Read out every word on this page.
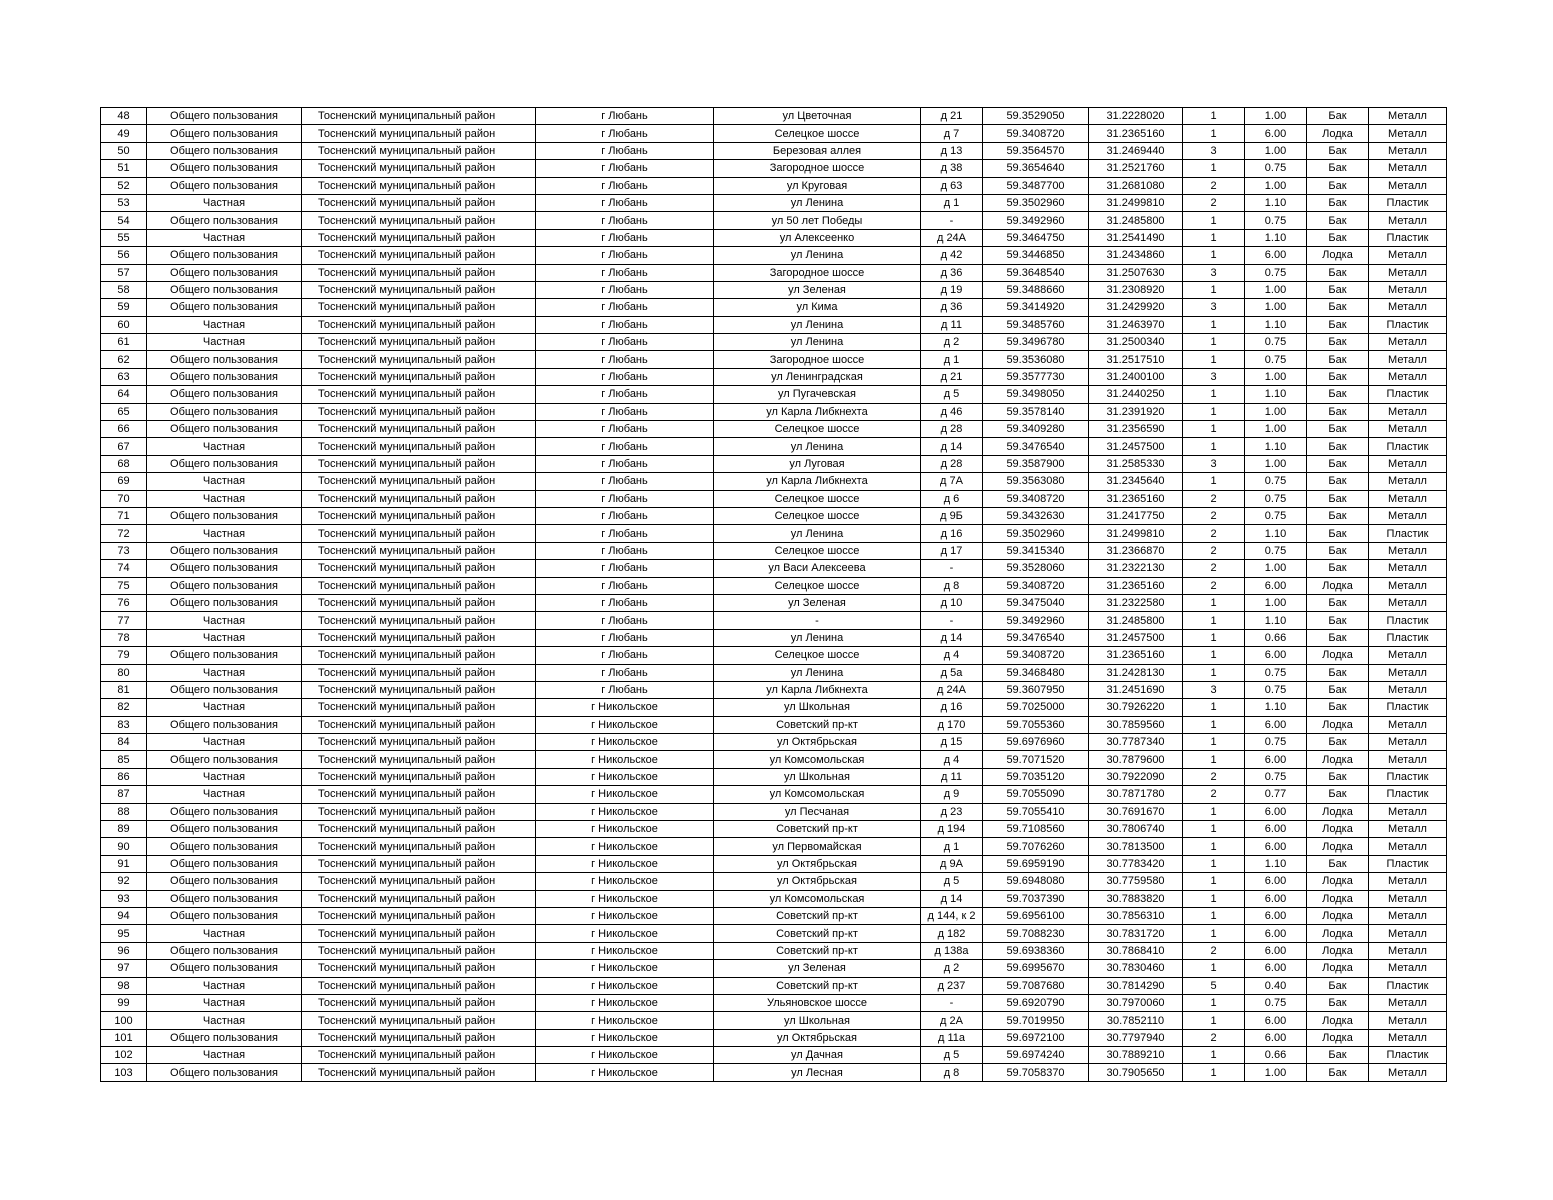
48	Общего пользования	Тосненский муниципальный район	г Любань	ул Цветочная	д 21	59.3529050	31.2228020	1	1.00	Бак	Металл
49	Общего пользования	Тосненский муниципальный район	г Любань	Селецкое шоссе	д 7	59.3408720	31.2365160	1	6.00	Лодка	Металл
50	Общего пользования	Тосненский муниципальный район	г Любань	Березовая аллея	д 13	59.3564570	31.2469440	3	1.00	Бак	Металл
51	Общего пользования	Тосненский муниципальный район	г Любань	Загородное шоссе	д 38	59.3654640	31.2521760	1	0.75	Бак	Металл
52	Общего пользования	Тосненский муниципальный район	г Любань	ул Круговая	д 63	59.3487700	31.2681080	2	1.00	Бак	Металл
53	Частная	Тосненский муниципальный район	г Любань	ул Ленина	д 1	59.3502960	31.2499810	2	1.10	Бак	Пластик
54	Общего пользования	Тосненский муниципальный район	г Любань	ул 50 лет Победы	-	59.3492960	31.2485800	1	0.75	Бак	Металл
55	Частная	Тосненский муниципальный район	г Любань	ул Алексеенко	д 24А	59.3464750	31.2541490	1	1.10	Бак	Пластик
56	Общего пользования	Тосненский муниципальный район	г Любань	ул Ленина	д 42	59.3446850	31.2434860	1	6.00	Лодка	Металл
57	Общего пользования	Тосненский муниципальный район	г Любань	Загородное шоссе	д 36	59.3648540	31.2507630	3	0.75	Бак	Металл
58	Общего пользования	Тосненский муниципальный район	г Любань	ул Зеленая	д 19	59.3488660	31.2308920	1	1.00	Бак	Металл
59	Общего пользования	Тосненский муниципальный район	г Любань	ул Кима	д 36	59.3414920	31.2429920	3	1.00	Бак	Металл
60	Частная	Тосненский муниципальный район	г Любань	ул Ленина	д 11	59.3485760	31.2463970	1	1.10	Бак	Пластик
61	Частная	Тосненский муниципальный район	г Любань	ул Ленина	д 2	59.3496780	31.2500340	1	0.75	Бак	Металл
62	Общего пользования	Тосненский муниципальный район	г Любань	Загородное шоссе	д 1	59.3536080	31.2517510	1	0.75	Бак	Металл
63	Общего пользования	Тосненский муниципальный район	г Любань	ул Ленинградская	д 21	59.3577730	31.2400100	3	1.00	Бак	Металл
64	Общего пользования	Тосненский муниципальный район	г Любань	ул Пугачевская	д 5	59.3498050	31.2440250	1	1.10	Бак	Пластик
65	Общего пользования	Тосненский муниципальный район	г Любань	ул Карла Либкнехта	д 46	59.3578140	31.2391920	1	1.00	Бак	Металл
66	Общего пользования	Тосненский муниципальный район	г Любань	Селецкое шоссе	д 28	59.3409280	31.2356590	1	1.00	Бак	Металл
67	Частная	Тосненский муниципальный район	г Любань	ул Ленина	д 14	59.3476540	31.2457500	1	1.10	Бак	Пластик
68	Общего пользования	Тосненский муниципальный район	г Любань	ул Луговая	д 28	59.3587900	31.2585330	3	1.00	Бак	Металл
69	Частная	Тосненский муниципальный район	г Любань	ул Карла Либкнехта	д 7А	59.3563080	31.2345640	1	0.75	Бак	Металл
70	Частная	Тосненский муниципальный район	г Любань	Селецкое шоссе	д 6	59.3408720	31.2365160	2	0.75	Бак	Металл
71	Общего пользования	Тосненский муниципальный район	г Любань	Селецкое шоссе	д 9Б	59.3432630	31.2417750	2	0.75	Бак	Металл
72	Частная	Тосненский муниципальный район	г Любань	ул Ленина	д 16	59.3502960	31.2499810	2	1.10	Бак	Пластик
73	Общего пользования	Тосненский муниципальный район	г Любань	Селецкое шоссе	д 17	59.3415340	31.2366870	2	0.75	Бак	Металл
74	Общего пользования	Тосненский муниципальный район	г Любань	ул Васи Алексеева	-	59.3528060	31.2322130	2	1.00	Бак	Металл
75	Общего пользования	Тосненский муниципальный район	г Любань	Селецкое шоссе	д 8	59.3408720	31.2365160	2	6.00	Лодка	Металл
76	Общего пользования	Тосненский муниципальный район	г Любань	ул Зеленая	д 10	59.3475040	31.2322580	1	1.00	Бак	Металл
77	Частная	Тосненский муниципальный район	г Любань	-	-	59.3492960	31.2485800	1	1.10	Бак	Пластик
78	Частная	Тосненский муниципальный район	г Любань	ул Ленина	д 14	59.3476540	31.2457500	1	0.66	Бак	Пластик
79	Общего пользования	Тосненский муниципальный район	г Любань	Селецкое шоссе	д 4	59.3408720	31.2365160	1	6.00	Лодка	Металл
80	Частная	Тосненский муниципальный район	г Любань	ул Ленина	д 5а	59.3468480	31.2428130	1	0.75	Бак	Металл
81	Общего пользования	Тосненский муниципальный район	г Любань	ул Карла Либкнехта	д 24А	59.3607950	31.2451690	3	0.75	Бак	Металл
82	Частная	Тосненский муниципальный район	г Никольское	ул Школьная	д 16	59.7025000	30.7926220	1	1.10	Бак	Пластик
83	Общего пользования	Тосненский муниципальный район	г Никольское	Советский пр-кт	д 170	59.7055360	30.7859560	1	6.00	Лодка	Металл
84	Частная	Тосненский муниципальный район	г Никольское	ул Октябрьская	д 15	59.6976960	30.7787340	1	0.75	Бак	Металл
85	Общего пользования	Тосненский муниципальный район	г Никольское	ул Комсомольская	д 4	59.7071520	30.7879600	1	6.00	Лодка	Металл
86	Частная	Тосненский муниципальный район	г Никольское	ул Школьная	д 11	59.7035120	30.7922090	2	0.75	Бак	Пластик
87	Частная	Тосненский муниципальный район	г Никольское	ул Комсомольская	д 9	59.7055090	30.7871780	2	0.77	Бак	Пластик
88	Общего пользования	Тосненский муниципальный район	г Никольское	ул Песчаная	д 23	59.7055410	30.7691670	1	6.00	Лодка	Металл
89	Общего пользования	Тосненский муниципальный район	г Никольское	Советский пр-кт	д 194	59.7108560	30.7806740	1	6.00	Лодка	Металл
90	Общего пользования	Тосненский муниципальный район	г Никольское	ул Первомайская	д 1	59.7076260	30.7813500	1	6.00	Лодка	Металл
91	Общего пользования	Тосненский муниципальный район	г Никольское	ул Октябрьская	д 9А	59.6959190	30.7783420	1	1.10	Бак	Пластик
92	Общего пользования	Тосненский муниципальный район	г Никольское	ул Октябрьская	д 5	59.6948080	30.7759580	1	6.00	Лодка	Металл
93	Общего пользования	Тосненский муниципальный район	г Никольское	ул Комсомольская	д 14	59.7037390	30.7883820	1	6.00	Лодка	Металл
94	Общего пользования	Тосненский муниципальный район	г Никольское	Советский пр-кт	д 144, к 2	59.6956100	30.7856310	1	6.00	Лодка	Металл
95	Частная	Тосненский муниципальный район	г Никольское	Советский пр-кт	д 182	59.7088230	30.7831720	1	6.00	Лодка	Металл
96	Общего пользования	Тосненский муниципальный район	г Никольское	Советский пр-кт	д 138а	59.6938360	30.7868410	2	6.00	Лодка	Металл
97	Общего пользования	Тосненский муниципальный район	г Никольское	ул Зеленая	д 2	59.6995670	30.7830460	1	6.00	Лодка	Металл
98	Частная	Тосненский муниципальный район	г Никольское	Советский пр-кт	д 237	59.7087680	30.7814290	5	0.40	Бак	Пластик
99	Частная	Тосненский муниципальный район	г Никольское	Ульяновское шоссе	-	59.6920790	30.7970060	1	0.75	Бак	Металл
100	Частная	Тосненский муниципальный район	г Никольское	ул Школьная	д 2А	59.7019950	30.7852110	1	6.00	Лодка	Металл
101	Общего пользования	Тосненский муниципальный район	г Никольское	ул Октябрьская	д 11а	59.6972100	30.7797940	2	6.00	Лодка	Металл
102	Частная	Тосненский муниципальный район	г Никольское	ул Дачная	д 5	59.6974240	30.7889210	1	0.66	Бак	Пластик
103	Общего пользования	Тосненский муниципальный район	г Никольское	ул Лесная	д 8	59.7058370	30.7905650	1	1.00	Бак	Металл
